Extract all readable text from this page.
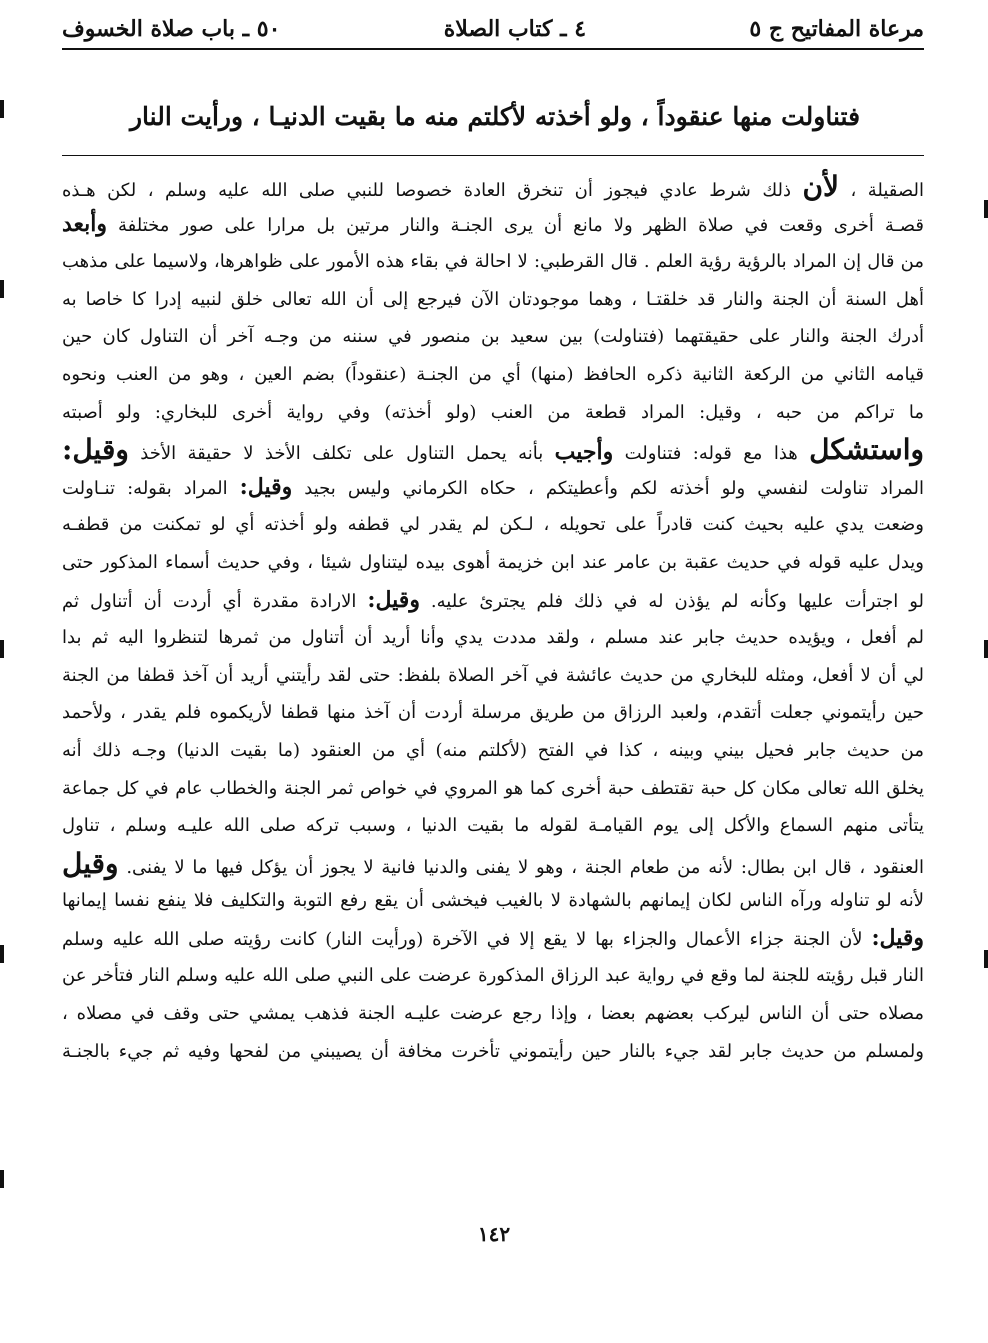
مرعاة المفاتيح ج ٥
٤ ـ كتاب الصلاة
٥٠ ـ باب صلاة الخسوف
فتناولت منها عنقوداً ، ولو أخذته لأكلتم منه ما بقيت الدنيـا ، ورأيت النار
الصقيلة ، لأن ذلك شرط عادي فيجوز أن تنخرق العادة خصوصا للنبي صلى الله عليه وسلم ، لكن هـذه
قصـة أخرى وقعت في صلاة الظهر ولا مانع أن يرى الجنـة والنار مرتين بل مرارا على صور مختلفة وأبعد
من قال إن المراد بالرؤية رؤية العلم . قال القرطبي: لا احالة في بقاء هذه الأمور على ظواهرها، ولاسيما على مذهب
أهل السنة أن الجنة والنار قد خلقتـا ، وهما موجودتان الآن فيرجع إلى أن الله تعالى خلق لنبيه إدرا كا خاصا به
أدرك الجنة والنار على حقيقتهما (فتناولت) بين سعيد بن منصور في سننه من وجـه آخر أن التناول كان حين
قيامه الثاني من الركعة الثانية ذكره الحافظ (منها) أي من الجنـة (عنقوداً) بضم العين ، وهو من العنب ونحوه
ما تراكم من حبه ، وقيل: المراد قطعة من العنب (ولو أخذته) وفي رواية أخرى للبخاري: ولو أصبته
واستشكل هذا مع قوله: فتناولت وأجيب بأنه يحمل التناول على تكلف الأخذ لا حقيقة الأخذ وقيل:
المراد تناولت لنفسي ولو أخذته لكم وأعطيتكم ، حكاه الكرماني وليس بجيد وقيل: المراد بقوله: تنـاولت
وضعت يدي عليه بحيث كنت قادراً على تحويله ، لـكن لم يقدر لي قطفه ولو أخذته أي لو تمكنت من قطفـه
ويدل عليه قوله في حديث عقبة بن عامر عند ابن خزيمة أهوى بيده ليتناول شيئا ، وفي حديث أسماء المذكور حتى
لو اجترأت عليها وكأنه لم يؤذن له في ذلك فلم يجترئ عليه. وقيل: الارادة مقدرة أي أردت أن أتناول ثم
لم أفعل ، ويؤيده حديث جابر عند مسلم ، ولقد مددت يدي وأنا أريد أن أتناول من ثمرها لتنظروا اليه ثم بدا
لي أن لا أفعل، ومثله للبخاري من حديث عائشة في آخر الصلاة بلفظ: حتى لقد رأيتني أريد أن آخذ قطفا من الجنة
حين رأيتموني جعلت أتقدم، ولعبد الرزاق من طريق مرسلة أردت أن آخذ منها قطفا لأريكموه فلم يقدر ، ولأحمد
من حديث جابر فحيل بيني وبينه ، كذا في الفتح (لأكلتم منه) أي من العنقود (ما بقيت الدنيا) وجـه ذلك أنه
يخلق الله تعالى مكان كل حبة تقتطف حبة أخرى كما هو المروي في خواص ثمر الجنة والخطاب عام في كل جماعة
يتأتى منهم السماع والأكل إلى يوم القيامـة لقوله ما بقيت الدنيا ، وسبب تركه صلى الله عليـه وسلم ، تناول
العنقود ، قال ابن بطال: لأنه من طعام الجنة ، وهو لا يفنى والدنيا فانية لا يجوز أن يؤكل فيها ما لا يفنى. وقيل
لأنه لو تناوله ورآه الناس لكان إيمانهم بالشهادة لا بالغيب فيخشى أن يقع رفع التوبة والتكليف فلا ينفع نفسا إيمانها
وقيل: لأن الجنة جزاء الأعمال والجزاء بها لا يقع إلا في الآخرة (ورأيت النار) كانت رؤيته صلى الله عليه وسلم
النار قبل رؤيته للجنة لما وقع في رواية عبد الرزاق المذكورة عرضت على النبي صلى الله عليه وسلم النار فتأخر عن
مصلاه حتى أن الناس ليركب بعضهم بعضا ، وإذا رجع عرضت عليـه الجنة فذهب يمشي حتى وقف في مصلاه ،
ولمسلم من حديث جابر لقد جيء بالنار حين رأيتموني تأخرت مخافة أن يصيبني من لفحها وفيه ثم جيء بالجنـة
١٤٢
